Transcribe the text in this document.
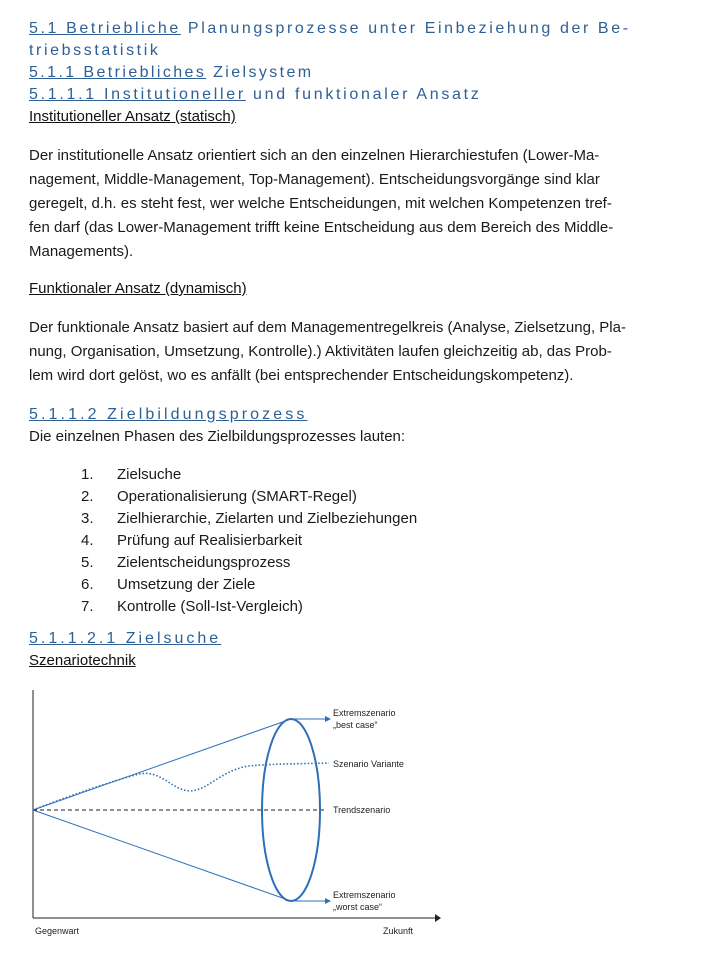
5.1 Betriebliche Planungsprozesse unter Einbeziehung der Be-
triebsstatistik
5.1.1 Betriebliches Zielsystem
5.1.1.1 Institutioneller und funktionaler Ansatz
Institutioneller Ansatz (statisch)
Der institutionelle Ansatz orientiert sich an den einzelnen Hierarchiestufen (Lower-Ma-
nagement, Middle-Management, Top-Management). Entscheidungsvorgänge sind klar
geregelt, d.h. es steht fest, wer welche Entscheidungen, mit welchen Kompetenzen tref-
fen darf (das Lower-Management trifft keine Entscheidung aus dem Bereich des Middle-
Managements).
Funktionaler Ansatz (dynamisch)
Der funktionale Ansatz basiert auf dem Managementregelkreis (Analyse, Zielsetzung, Pla-
nung, Organisation, Umsetzung, Kontrolle).) Aktivitäten laufen gleichzeitig ab, das Prob-
lem wird dort gelöst, wo es anfällt (bei entsprechender Entscheidungskompetenz).
5.1.1.2 Zielbildungsprozess
Die einzelnen Phasen des Zielbildungsprozesses lauten:
1.	Zielsuche
2.	Operationalisierung (SMART-Regel)
3.	Zielhierarchie, Zielarten und Zielbeziehungen
4.	Prüfung auf Realisierbarkeit
5.	Zielentscheidungsprozess
6.	Umsetzung der Ziele
7.	Kontrolle (Soll-Ist-Vergleich)
5.1.1.2.1 Zielsuche
Szenariotechnik
Extremszenario
„best case“
Szenario Variante
Trendszenario
Extremszenario
„worst case“
Gegenwart	Zukunft
